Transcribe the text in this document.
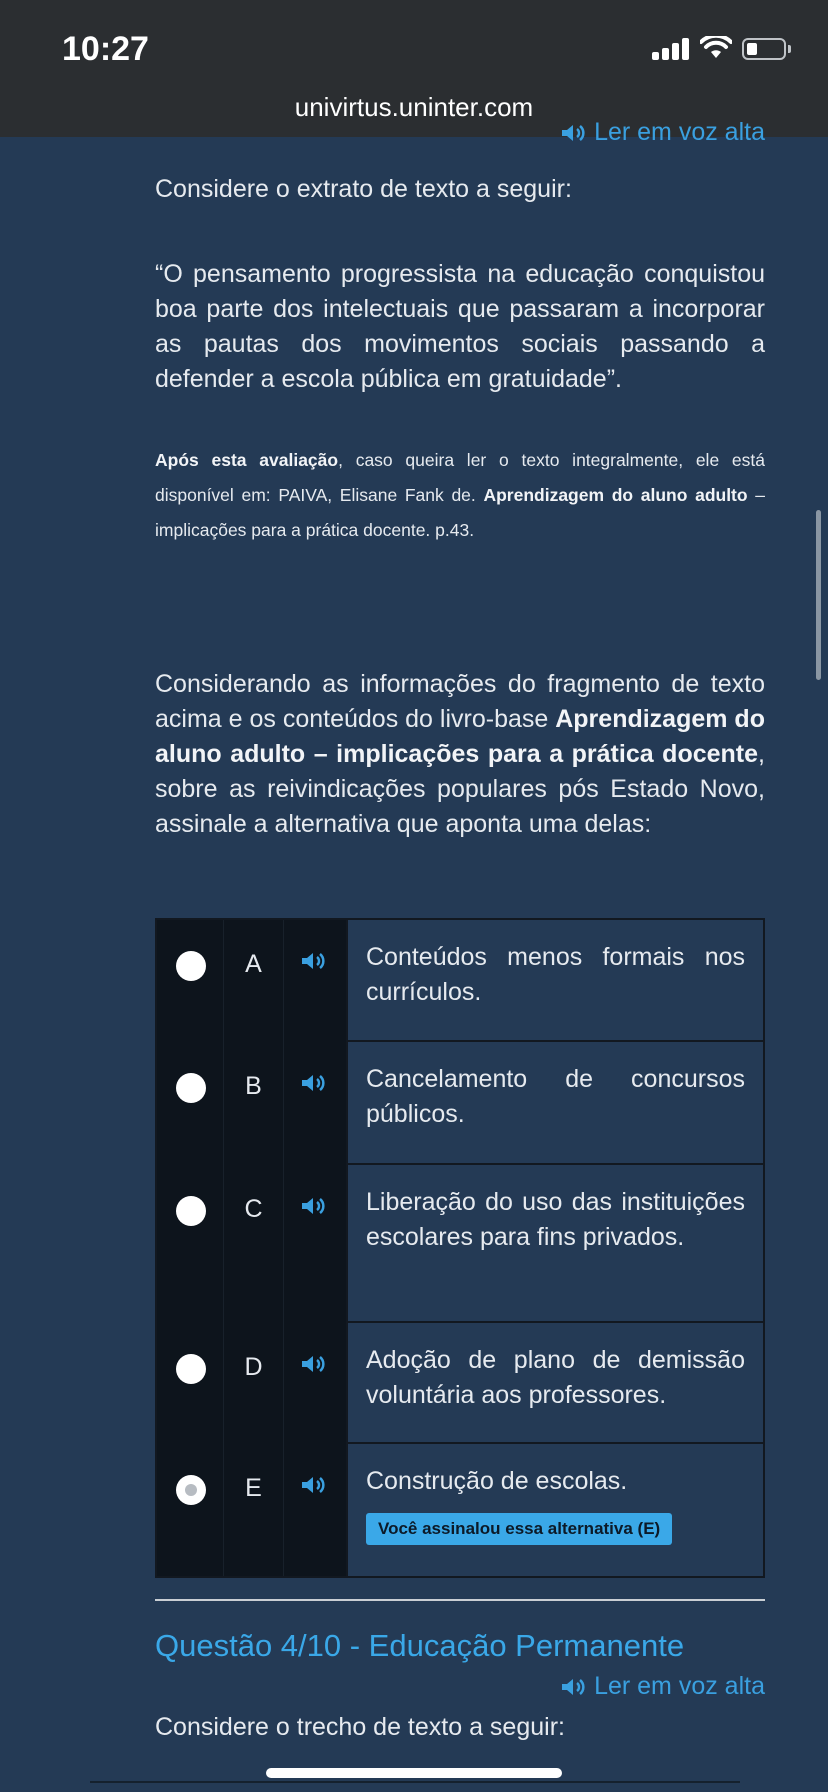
10:27
univirtus.uninter.com
Ler em voz alta
Considere o extrato de texto a seguir:
“O pensamento progressista na educação conquistou boa parte dos intelectuais que passaram a incorporar as pautas dos movimentos sociais passando a defender a escola pública em gratuidade”.
Após esta avaliação, caso queira ler o texto integralmente, ele está disponível em: PAIVA, Elisane Fank de. Aprendizagem do aluno adulto – implicações para a prática docente. p.43.
Considerando as informações do fragmento de texto acima e os conteúdos do livro-base Aprendizagem do aluno adulto – implicações para a prática docente, sobre as reivindicações populares pós Estado Novo, assinale a alternativa que aponta uma delas:
A	Conteúdos menos formais nos currículos.
B	Cancelamento de concursos públicos.
C	Liberação do uso das instituições escolares para fins privados.
D	Adoção de plano de demissão voluntária aos professores.
E	Construção de escolas.
Você assinalou essa alternativa (E)
Questão 4/10 - Educação Permanente
Ler em voz alta
Considere o trecho de texto a seguir:
